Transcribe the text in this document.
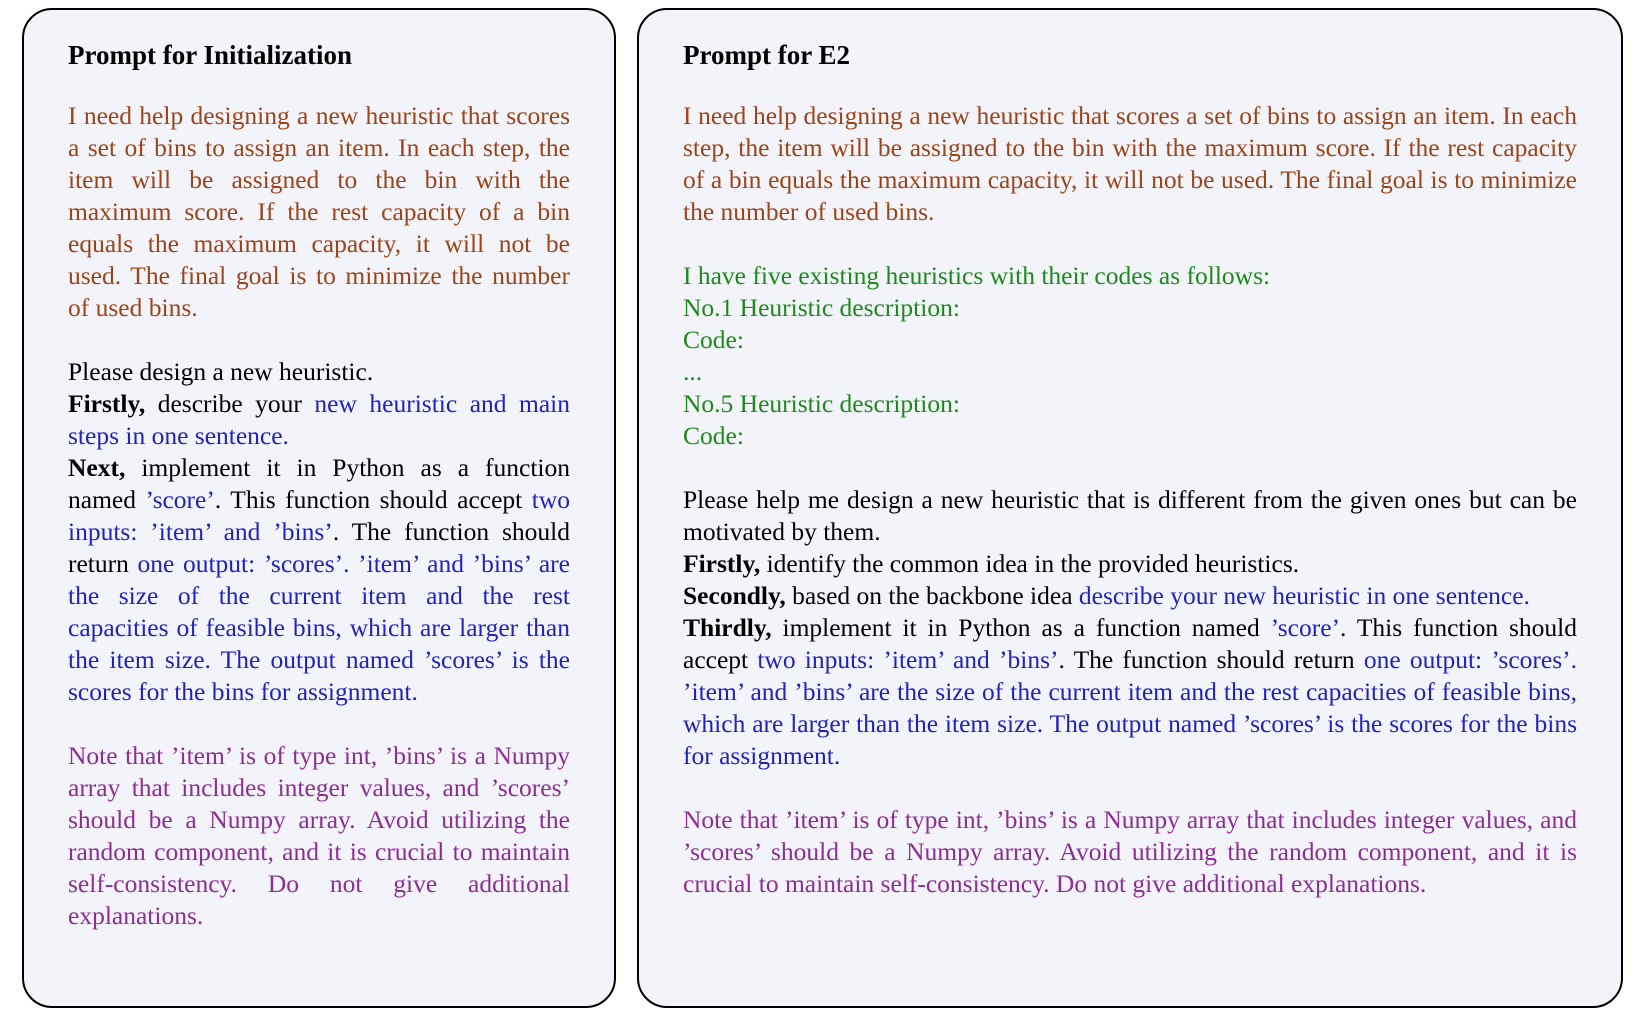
Prompt for Initialization
I need help designing a new heuristic that scores a set of bins to assign an item. In each step, the item will be assigned to the bin with the maximum score. If the rest capacity of a bin equals the maximum capacity, it will not be used. The final goal is to minimize the number of used bins.
Please design a new heuristic.
Firstly, describe your new heuristic and main steps in one sentence.
Next, implement it in Python as a function named ’score’. This function should accept two inputs: ’item’ and ’bins’. The function should return one output: ’scores’. ’item’ and ’bins’ are the size of the current item and the rest capacities of feasible bins, which are larger than the item size. The output named ’scores’ is the scores for the bins for assignment.
Note that ’item’ is of type int, ’bins’ is a Numpy array that includes integer values, and ’scores’ should be a Numpy array. Avoid utilizing the random component, and it is crucial to maintain self-consistency. Do not give additional explanations.
Prompt for E2
I need help designing a new heuristic that scores a set of bins to assign an item. In each step, the item will be assigned to the bin with the maximum score. If the rest capacity of a bin equals the maximum capacity, it will not be used. The final goal is to minimize the number of used bins.
I have five existing heuristics with their codes as follows:
No.1 Heuristic description:
Code:
...
No.5 Heuristic description:
Code:
Please help me design a new heuristic that is different from the given ones but can be motivated by them.
Firstly, identify the common idea in the provided heuristics.
Secondly, based on the backbone idea describe your new heuristic in one sentence.
Thirdly, implement it in Python as a function named ’score’. This function should accept two inputs: ’item’ and ’bins’. The function should return one output: ’scores’. ’item’ and ’bins’ are the size of the current item and the rest capacities of feasible bins, which are larger than the item size. The output named ’scores’ is the scores for the bins for assignment.
Note that ’item’ is of type int, ’bins’ is a Numpy array that includes integer values, and ’scores’ should be a Numpy array. Avoid utilizing the random component, and it is crucial to maintain self-consistency. Do not give additional explanations.
